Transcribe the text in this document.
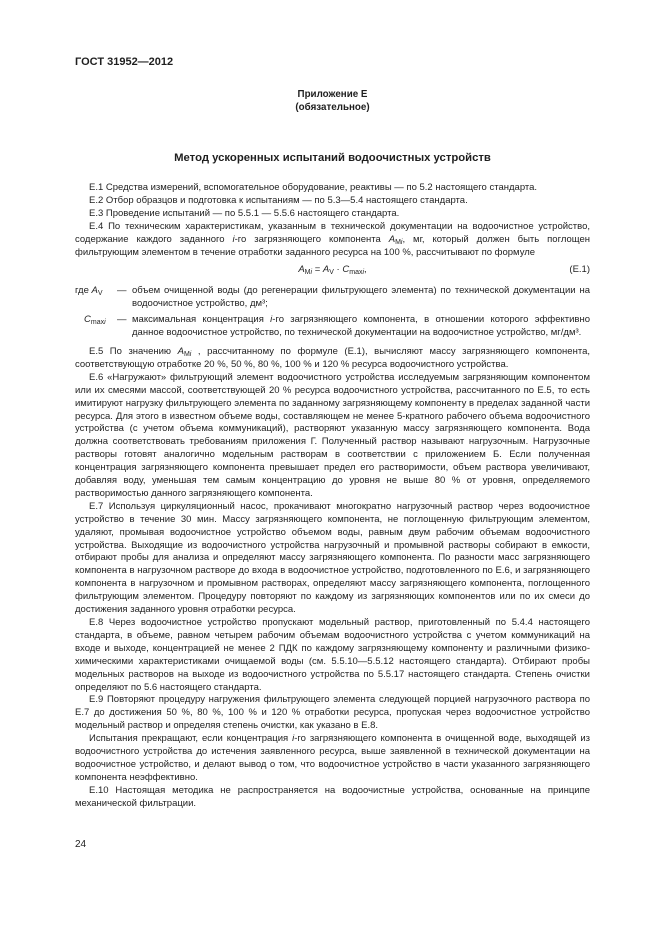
ГОСТ 31952—2012
Приложение Е
(обязательное)
Метод ускоренных испытаний водоочистных устройств

Е.1 Средства измерений, вспомогательное оборудование, реактивы — по 5.2 настоящего стандарта.

Е.2 Отбор образцов и подготовка к испытаниям — по 5.3—5.4 настоящего стандарта.

Е.3 Проведение испытаний — по 5.5.1 — 5.5.6 настоящего стандарта.

Е.4 По техническим характеристикам, указанным в технической документации на водоочистное устройство, содержание каждого заданного i-го загрязняющего компонента $А_{Mi}$, мг, который должен быть поглощен фильтрующим элементом в течение отработки заданного ресурса на 100 %, рассчитывают по формуле

$А_{Mi} = А_V \cdot С_{maxi}$,	(Е.1)
где $А_V$	— объем очищенной воды (до регенерации фильтрующего элемента) по технической документации на водоочистное устройство, дм³;
$С_{maxi}$	— максимальная концентрация i-го загрязняющего компонента, в отношении которого эффективно данное водоочистное устройство, по технической документации на водоочистное устройство, мг/дм³.

Е.5 По значению $А_{Mi}$ , рассчитанному по формуле (Е.1), вычисляют массу загрязняющего компонента, соответствующую отработке 20 %, 50 %, 80 %, 100 % и 120 % ресурса водоочистного устройства.

Е.6 «Нагружают» фильтрующий элемент водоочистного устройства исследуемым загрязняющим компонентом или их смесями массой, соответствующей 20 % ресурса водоочистного устройства, рассчитанного по Е.5, то есть имитируют нагрузку фильтрующего элемента по заданному загрязняющему компоненту в пределах заданной части ресурса. Для этого в известном объеме воды, составляющем не менее 5-кратного рабочего объема водоочистного устройства (с учетом объема коммуникаций), растворяют указанную массу загрязняющего компонента. Вода должна соответствовать требованиям приложения Г. Полученный раствор называют нагрузочным. Нагрузочные растворы готовят аналогично модельным растворам в соответствии с приложением Б. Если полученная концентрация загрязняющего компонента превышает предел его растворимости, объем раствора увеличивают, добавляя воду, уменьшая тем самым концентрацию до уровня не выше 80 % от уровня, определяемого растворимостью данного загрязняющего компонента.

Е.7 Используя циркуляционный насос, прокачивают многократно нагрузочный раствор через водоочистное устройство в течение 30 мин. Массу загрязняющего компонента, не поглощенную фильтрующим элементом, удаляют, промывая водоочистное устройство объемом воды, равным двум рабочим объемам водоочистного устройства. Выходящие из водоочистного устройства нагрузочный и промывной растворы собирают в емкости, отбирают пробы для анализа и определяют массу загрязняющего компонента. По разности масс загрязняющего компонента в нагрузочном растворе до входа в водоочистное устройство, подготовленного по Е.6, и загрязняющего компонента в нагрузочном и промывном растворах, определяют массу загрязняющего компонента, поглощенного фильтрующим элементом. Процедуру повторяют по каждому из загрязняющих компонентов или по их смеси до достижения заданного уровня отработки ресурса.

Е.8 Через водоочистное устройство пропускают модельный раствор, приготовленный по 5.4.4 настоящего стандарта, в объеме, равном четырем рабочим объемам водоочистного устройства с учетом коммуникаций на входе и выходе, концентрацией не менее 2 ПДК по каждому загрязняющему компоненту и различными физико-химическими характеристиками очищаемой воды (см. 5.5.10—5.5.12 настоящего стандарта). Отбирают пробы модельных растворов на выходе из водоочистного устройства по 5.5.17 настоящего стандарта. Степень очистки определяют по 5.6 настоящего стандарта.

Е.9 Повторяют процедуру нагружения фильтрующего элемента следующей порцией нагрузочного раствора по Е.7 до достижения 50 %, 80 %, 100 % и 120 % отработки ресурса, пропуская через водоочистное устройство модельный раствор и определяя степень очистки, как указано в Е.8.

Испытания прекращают, если концентрация i-го загрязняющего компонента в очищенной воде, выходящей из водоочистного устройства до истечения заявленного ресурса, выше заявленной в технической документации на водоочистное устройство, и делают вывод о том, что водоочистное устройство в части указанного загрязняющего компонента неэффективно.

Е.10 Настоящая методика не распространяется на водоочистные устройства, основанные на принципе механической фильтрации.

24
